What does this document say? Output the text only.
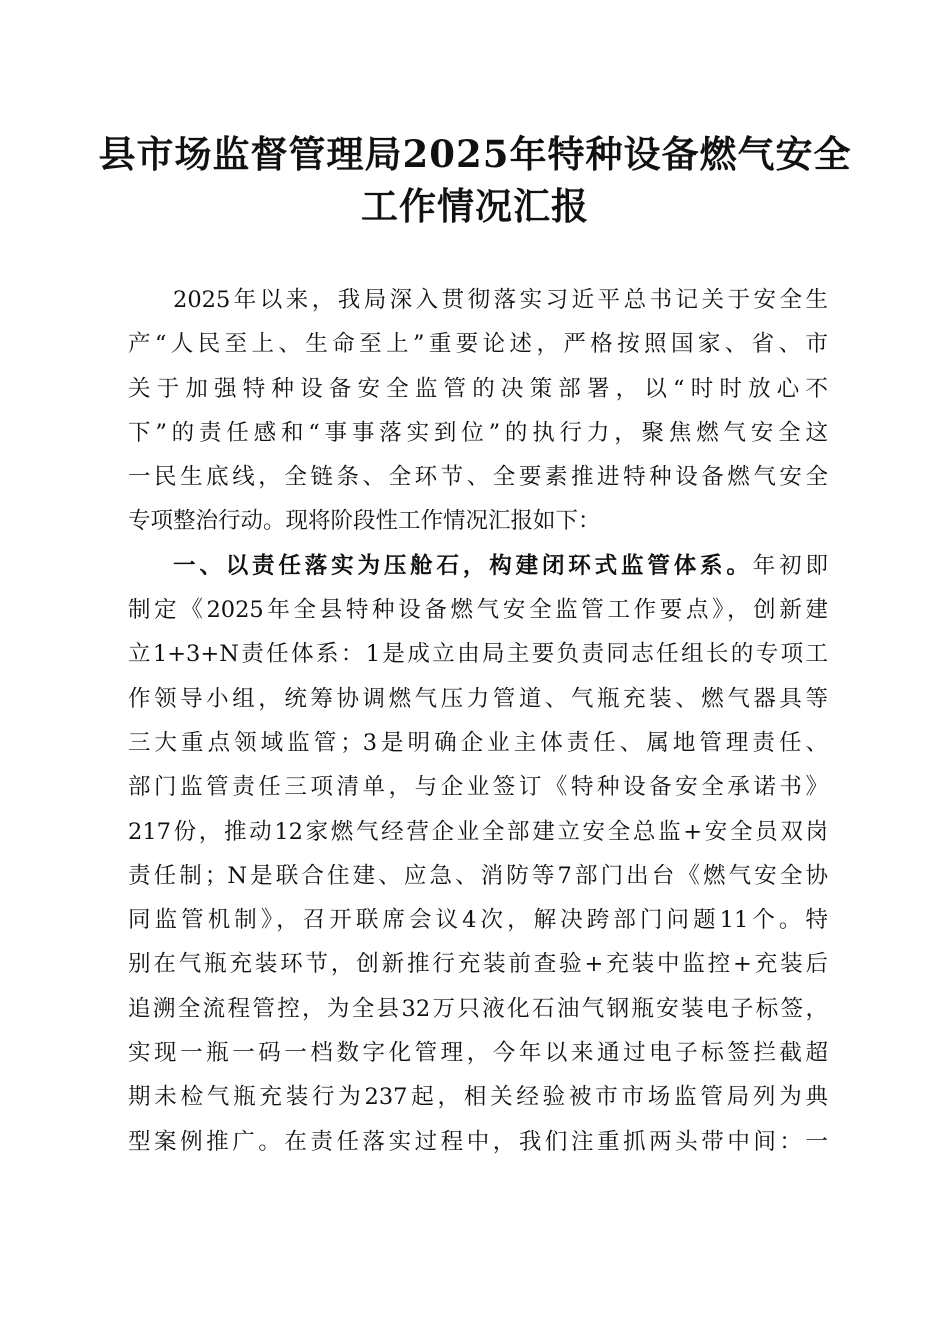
县市场监督管理局2025年特种设备燃气安全
工作情况汇报
2025年以来，我局深入贯彻落实习近平总书记关于安全生
产“人民至上、生命至上”重要论述，严格按照国家、省、市
关于加强特种设备安全监管的决策部署，以“时时放心不
下”的责任感和“事事落实到位”的执行力，聚焦燃气安全这
一民生底线，全链条、全环节、全要素推进特种设备燃气安全
专项整治行动。现将阶段性工作情况汇报如下：
一、以责任落实为压舱石，构建闭环式监管体系。年初即
制定《2025年全县特种设备燃气安全监管工作要点》，创新建
立1+3+N责任体系：1是成立由局主要负责同志任组长的专项工
作领导小组，统筹协调燃气压力管道、气瓶充装、燃气器具等
三大重点领域监管；3是明确企业主体责任、属地管理责任、
部门监管责任三项清单，与企业签订《特种设备安全承诺书》
217份，推动12家燃气经营企业全部建立安全总监+安全员双岗
责任制；N是联合住建、应急、消防等7部门出台《燃气安全协
同监管机制》，召开联席会议4次，解决跨部门问题11个。特
别在气瓶充装环节，创新推行充装前查验+充装中监控+充装后
追溯全流程管控，为全县32万只液化石油气钢瓶安装电子标签，
实现一瓶一码一档数字化管理，今年以来通过电子标签拦截超
期未检气瓶充装行为237起，相关经验被市市场监管局列为典
型案例推广。在责任落实过程中，我们注重抓两头带中间：一
